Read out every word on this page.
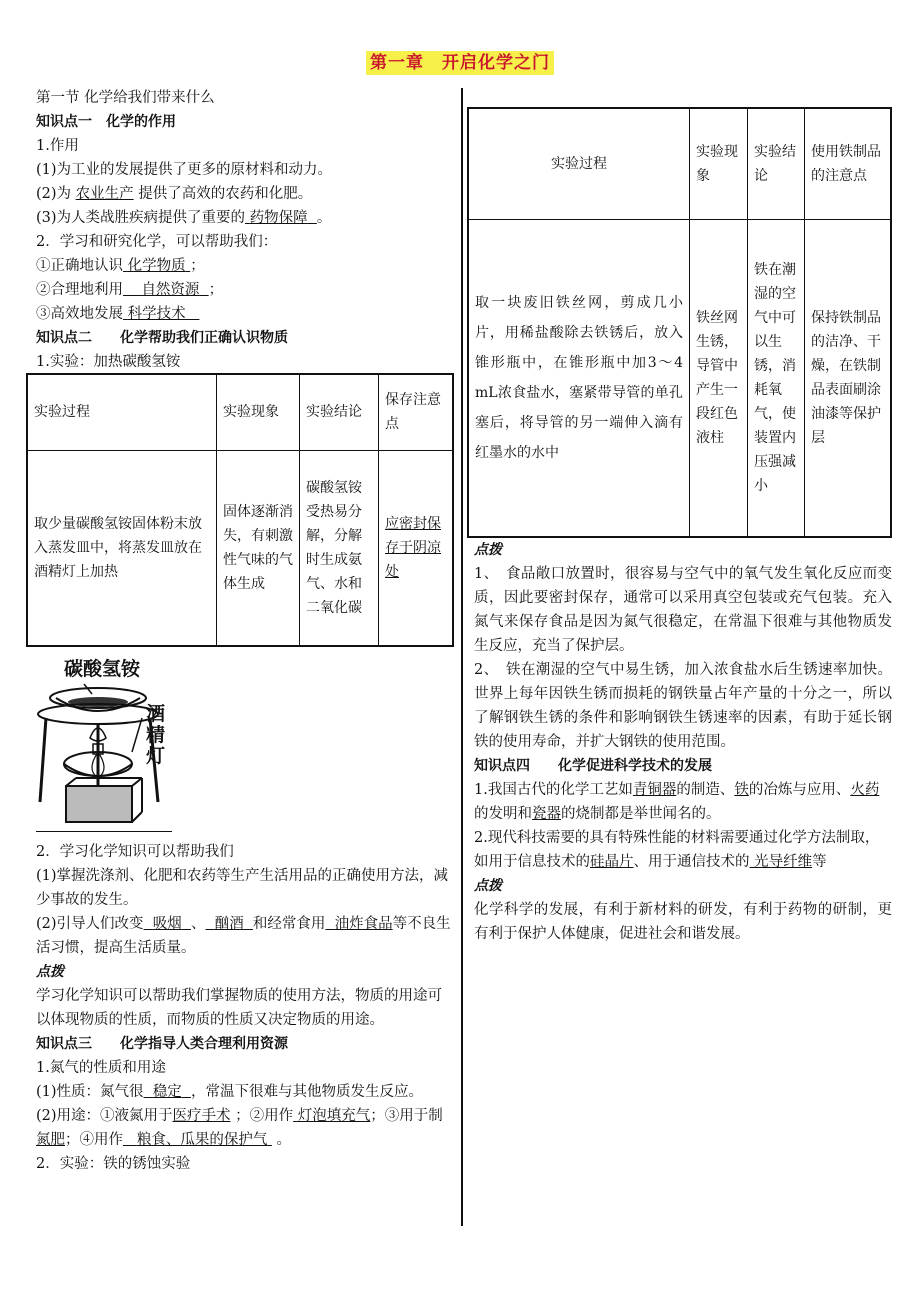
第一章　开启化学之门

第一节 化学给我们带来什么

知识点一　化学的作用

1.作用

(1)为工业的发展提供了更多的原材料和动力。

(2)为 农业生产 提供了高效的农药和化肥。

(3)为人类战胜疾病提供了重要的 药物保障 。

2．学习和研究化学，可以帮助我们：

①正确地认识 化学物质 ；

②合理地利用 自然资源 ；

③高效地发展 科学技术

知识点二　　化学帮助我们正确认识物质

1.实验：加热碳酸氢铵

实验过程	实验现象	实验结论	保存注意点
取少量碳酸氢铵固体粉末放入蒸发皿中，将蒸发皿放在酒精灯上加热	固体逐渐消失，有刺激性气味的气体生成	碳酸氢铵受热易分解，分解时生成氨气、水和二氧化碳	应密封保存于阴凉处
碳酸氢铵
酒精灯

2．学习化学知识可以帮助我们

(1)掌握洗涤剂、化肥和农药等生产生活用品的正确使用方法，减少事故的发生。

(2)引导人们改变 吸烟 、 酗酒 和经常食用 油炸食品等不良生活习惯，提高生活质量。

点拨

学习化学知识可以帮助我们掌握物质的使用方法，物质的用途可以体现物质的性质，而物质的性质又决定物质的用途。

知识点三　　化学指导人类合理利用资源

1.氮气的性质和用途

(1)性质：氮气很 稳定 ，常温下很难与其他物质发生反应。

(2)用途：①液氮用于医疗手术 ；②用作 灯泡填充气；③用于制氮肥；④用作 粮食、瓜果的保护气 。

2．实验：铁的锈蚀实验

实验过程	实验现象	实验结论	使用铁制品的注意点
取一块废旧铁丝网，剪成几小片，用稀盐酸除去铁锈后，放入锥形瓶中，在锥形瓶中加3～4 mL浓食盐水，塞紧带导管的单孔塞后，将导管的另一端伸入滴有红墨水的水中	铁丝网生锈，导管中产生一段红色液柱	铁在潮湿的空气中可以生锈，消耗氧气，使装置内压强减小	保持铁制品的洁净、干燥，在铁制品表面刷涂油漆等保护层

点拨

1、　食品敞口放置时，很容易与空气中的氧气发生氧化反应而变质，因此要密封保存，通常可以采用真空包装或充气包装。充入氮气来保存食品是因为氮气很稳定，在常温下很难与其他物质发生反应，充当了保护层。

2、　铁在潮湿的空气中易生锈，加入浓食盐水后生锈速率加快。世界上每年因铁生锈而损耗的钢铁量占年产量的十分之一，所以了解钢铁生锈的条件和影响钢铁生锈速率的因素，有助于延长钢铁的使用寿命，并扩大钢铁的使用范围。

知识点四　　化学促进科学技术的发展

1.我国古代的化学工艺如青铜器的制造、铁的冶炼与应用、火药的发明和瓷器的烧制都是举世闻名的。

2.现代科技需要的具有特殊性能的材料需要通过化学方法制取，如用于信息技术的硅晶片、用于通信技术的 光导纤维等

点拨

化学科学的发展，有利于新材料的研发，有利于药物的研制，更有利于保护人体健康，促进社会和谐发展。
